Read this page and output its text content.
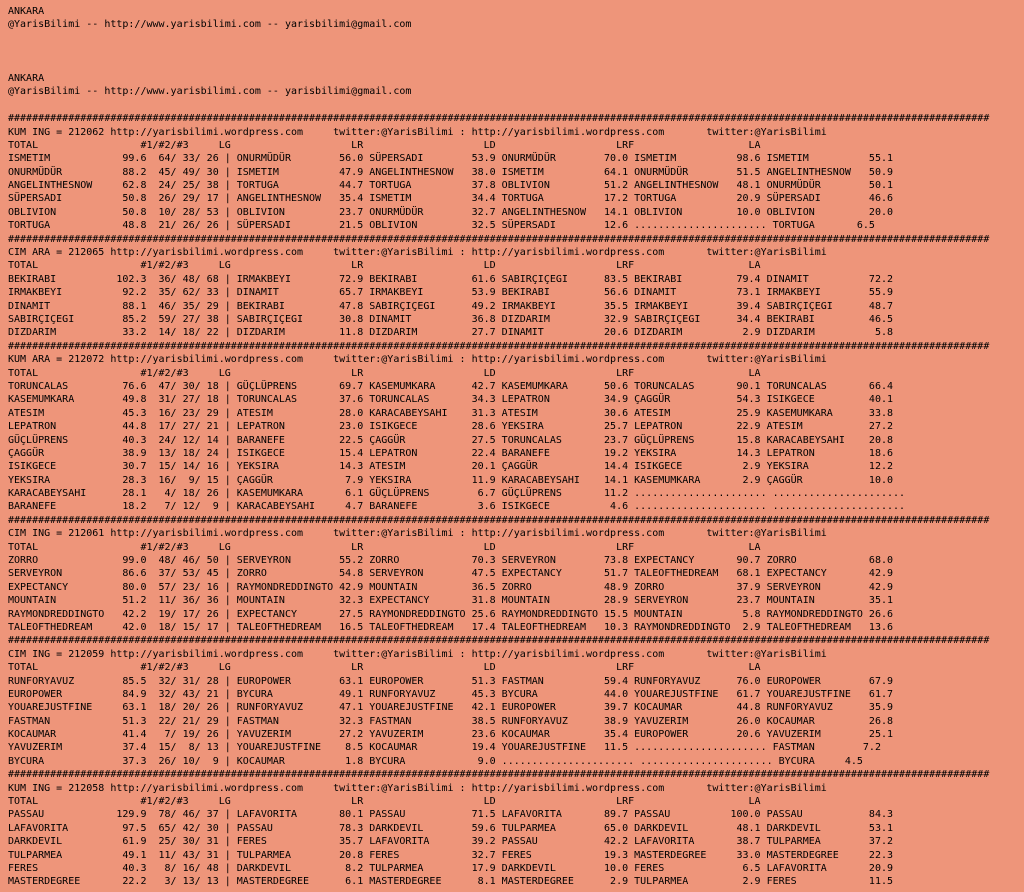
ANKARA
@YarisBilimi -- http://www.yarisbilimi.com -- yarisbilimi@gmail.com
ANKARA
@YarisBilimi -- http://www.yarisbilimi.com -- yarisbilimi@gmail.com
###################################################################################################################################################################
KUM ING = 212062 http://yarisbilimi.wordpress.com     twitter:@YarisBilimi : http://yarisbilimi.wordpress.com       twitter:@YarisBilimi
TOTAL                 #1/#2/#3     LG                    LR                    LD                    LRF                   LA
ISMETIM            99.6  64/ 33/ 26 | ONURMÜDÜR        56.0 SÜPERSADI        53.9 ONURMÜDÜR        70.0 ISMETIM          98.6 ISMETIM          55.1
ONURMÜDÜR          88.2  45/ 49/ 30 | ISMETIM          47.9 ANGELINTHESNOW   38.0 ISMETIM          64.1 ONURMÜDÜR        51.5 ANGELINTHESNOW   50.9
ANGELINTHESNOW     62.8  24/ 25/ 38 | TORTUGA          44.7 TORTUGA          37.8 OBLIVION         51.2 ANGELINTHESNOW   48.1 ONURMÜDÜR        50.1
SÜPERSADI          50.8  26/ 29/ 17 | ANGELINTHESNOW   35.4 ISMETIM          34.4 TORTUGA          17.2 TORTUGA          20.9 SÜPERSADI        46.6
OBLIVION           50.8  10/ 28/ 53 | OBLIVION         23.7 ONURMÜDÜR        32.7 ANGELINTHESNOW   14.1 OBLIVION         10.0 OBLIVION         20.0
TORTUGA            48.8  21/ 26/ 26 | SÜPERSADI        21.5 OBLIVION         32.5 SÜPERSADI        12.6 ...................... TORTUGA       6.5
###################################################################################################################################################################
CIM ARA = 212065 http://yarisbilimi.wordpress.com     twitter:@YarisBilimi : http://yarisbilimi.wordpress.com       twitter:@YarisBilimi
TOTAL                 #1/#2/#3     LG                    LR                    LD                    LRF                   LA
BEKIRABI          102.3  36/ 48/ 68 | IRMAKBEYI        72.9 BEKIRABI         61.6 SABIRÇIÇEGI      83.5 BEKIRABI         79.4 DINAMIT          72.2
IRMAKBEYI          92.2  35/ 62/ 33 | DINAMIT          65.7 IRMAKBEYI        53.9 BEKIRABI         56.6 DINAMIT          73.1 IRMAKBEYI        55.9
DINAMIT            88.1  46/ 35/ 29 | BEKIRABI         47.8 SABIRÇIÇEGI      49.2 IRMAKBEYI        35.5 IRMAKBEYI        39.4 SABIRÇIÇEGI      48.7
SABIRÇIÇEGI        85.2  59/ 27/ 38 | SABIRÇIÇEGI      30.8 DINAMIT          36.8 DIZDARIM         32.9 SABIRÇIÇEGI      34.4 BEKIRABI         46.5
DIZDARIM           33.2  14/ 18/ 22 | DIZDARIM         11.8 DIZDARIM         27.7 DINAMIT          20.6 DIZDARIM          2.9 DIZDARIM          5.8
###################################################################################################################################################################
KUM ARA = 212072 http://yarisbilimi.wordpress.com     twitter:@YarisBilimi : http://yarisbilimi.wordpress.com       twitter:@YarisBilimi
TOTAL                 #1/#2/#3     LG                    LR                    LD                    LRF                   LA
TORUNCALAS         76.6  47/ 30/ 18 | GÜÇLÜPRENS       69.7 KASEMUMKARA      42.7 KASEMUMKARA      50.6 TORUNCALAS       90.1 TORUNCALAS       66.4
KASEMUMKARA        49.8  31/ 27/ 18 | TORUNCALAS       37.6 TORUNCALAS       34.3 LEPATRON         34.9 ÇAGGÜR           54.3 ISIKGECE         40.1
ATESIM             45.3  16/ 23/ 29 | ATESIM           28.0 KARACABEYSAHI    31.3 ATESIM           30.6 ATESIM           25.9 KASEMUMKARA      33.8
LEPATRON           44.8  17/ 27/ 21 | LEPATRON         23.0 ISIKGECE         28.6 YEKSIRA          25.7 LEPATRON         22.9 ATESIM           27.2
GÜÇLÜPRENS         40.3  24/ 12/ 14 | BARANEFE         22.5 ÇAGGÜR           27.5 TORUNCALAS       23.7 GÜÇLÜPRENS       15.8 KARACABEYSAHI    20.8
ÇAGGÜR             38.9  13/ 18/ 24 | ISIKGECE         15.4 LEPATRON         22.4 BARANEFE         19.2 YEKSIRA          14.3 LEPATRON         18.6
ISIKGECE           30.7  15/ 14/ 16 | YEKSIRA          14.3 ATESIM           20.1 ÇAGGÜR           14.4 ISIKGECE          2.9 YEKSIRA          12.2
YEKSIRA            28.3  16/  9/ 15 | ÇAGGÜR            7.9 YEKSIRA          11.9 KARACABEYSAHI    14.1 KASEMUMKARA       2.9 ÇAGGÜR           10.0
KARACABEYSAHI      28.1   4/ 18/ 26 | KASEMUMKARA       6.1 GÜÇLÜPRENS        6.7 GÜÇLÜPRENS       11.2 ...................... ......................
BARANEFE           18.2   7/ 12/  9 | KARACABEYSAHI     4.7 BARANEFE          3.6 ISIKGECE          4.6 ...................... ......................
###################################################################################################################################################################
CIM ING = 212061 http://yarisbilimi.wordpress.com     twitter:@YarisBilimi : http://yarisbilimi.wordpress.com       twitter:@YarisBilimi
TOTAL                 #1/#2/#3     LG                    LR                    LD                    LRF                   LA
ZORRO              99.0  48/ 46/ 50 | SERVEYRON        55.2 ZORRO            70.3 SERVEYRON        73.8 EXPECTANCY       90.7 ZORRO            68.0
SERVEYRON          86.6  37/ 53/ 45 | ZORRO            54.8 SERVEYRON        47.5 EXPECTANCY       51.7 TALEOFTHEDREAM   68.1 EXPECTANCY       42.9
EXPECTANCY         80.0  57/ 23/ 16 | RAYMONDREDDINGTO 42.9 MOUNTAIN         36.5 ZORRO            48.9 ZORRO            37.9 SERVEYRON        42.9
MOUNTAIN           51.2  11/ 36/ 36 | MOUNTAIN         32.3 EXPECTANCY       31.8 MOUNTAIN         28.9 SERVEYRON        23.7 MOUNTAIN         35.1
RAYMONDREDDINGTO   42.2  19/ 17/ 26 | EXPECTANCY       27.5 RAYMONDREDDINGTO 25.6 RAYMONDREDDINGTO 15.5 MOUNTAIN          5.8 RAYMONDREDDINGTO 26.6
TALEOFTHEDREAM     42.0  18/ 15/ 17 | TALEOFTHEDREAM   16.5 TALEOFTHEDREAM   17.4 TALEOFTHEDREAM   10.3 RAYMONDREDDINGTO  2.9 TALEOFTHEDREAM   13.6
###################################################################################################################################################################
CIM ING = 212059 http://yarisbilimi.wordpress.com     twitter:@YarisBilimi : http://yarisbilimi.wordpress.com       twitter:@YarisBilimi
TOTAL                 #1/#2/#3     LG                    LR                    LD                    LRF                   LA
RUNFORYAVUZ        85.5  32/ 31/ 28 | EUROPOWER        63.1 EUROPOWER        51.3 FASTMAN          59.4 RUNFORYAVUZ      76.0 EUROPOWER        67.9
EUROPOWER          84.9  32/ 43/ 21 | BYCURA           49.1 RUNFORYAVUZ      45.3 BYCURA           44.0 YOUAREJUSTFINE   61.7 YOUAREJUSTFINE   61.7
YOUAREJUSTFINE     63.1  18/ 20/ 26 | RUNFORYAVUZ      47.1 YOUAREJUSTFINE   42.1 EUROPOWER        39.7 KOCAUMAR         44.8 RUNFORYAVUZ      35.9
FASTMAN            51.3  22/ 21/ 29 | FASTMAN          32.3 FASTMAN          38.5 RUNFORYAVUZ      38.9 YAVUZERIM        26.0 KOCAUMAR         26.8
KOCAUMAR           41.4   7/ 19/ 26 | YAVUZERIM        27.2 YAVUZERIM        23.6 KOCAUMAR         35.4 EUROPOWER        20.6 YAVUZERIM        25.1
YAVUZERIM          37.4  15/  8/ 13 | YOUAREJUSTFINE    8.5 KOCAUMAR         19.4 YOUAREJUSTFINE   11.5 ...................... FASTMAN        7.2
BYCURA             37.3  26/ 10/  9 | KOCAUMAR          1.8 BYCURA            9.0 ...................... ...................... BYCURA     4.5
###################################################################################################################################################################
KUM ING = 212058 http://yarisbilimi.wordpress.com     twitter:@YarisBilimi : http://yarisbilimi.wordpress.com       twitter:@YarisBilimi
TOTAL                 #1/#2/#3     LG                    LR                    LD                    LRF                   LA
PASSAU            129.9  78/ 46/ 37 | LAFAVORITA       80.1 PASSAU           71.5 LAFAVORITA       89.7 PASSAU          100.0 PASSAU           84.3
LAFAVORITA         97.5  65/ 42/ 30 | PASSAU           78.3 DARKDEVIL        59.6 TULPARMEA        65.0 DARKDEVIL        48.1 DARKDEVIL        53.1
DARKDEVIL          61.9  25/ 30/ 31 | FERES            35.7 LAFAVORITA       39.2 PASSAU           42.2 LAFAVORITA       38.7 TULPARMEA        37.2
TULPARMEA          49.1  11/ 43/ 31 | TULPARMEA        20.8 FERES            32.7 FERES            19.3 MASTERDEGREE     33.0 MASTERDEGREE     22.3
FERES              40.3   8/ 16/ 48 | DARKDEVIL         8.2 TULPARMEA        17.9 DARKDEVIL        10.0 FERES             6.5 LAFAVORITA       20.9
MASTERDEGREE       22.2   3/ 13/ 13 | MASTERDEGREE      6.1 MASTERDEGREE      8.1 MASTERDEGREE      2.9 TULPARMEA         2.9 FERES            11.5
